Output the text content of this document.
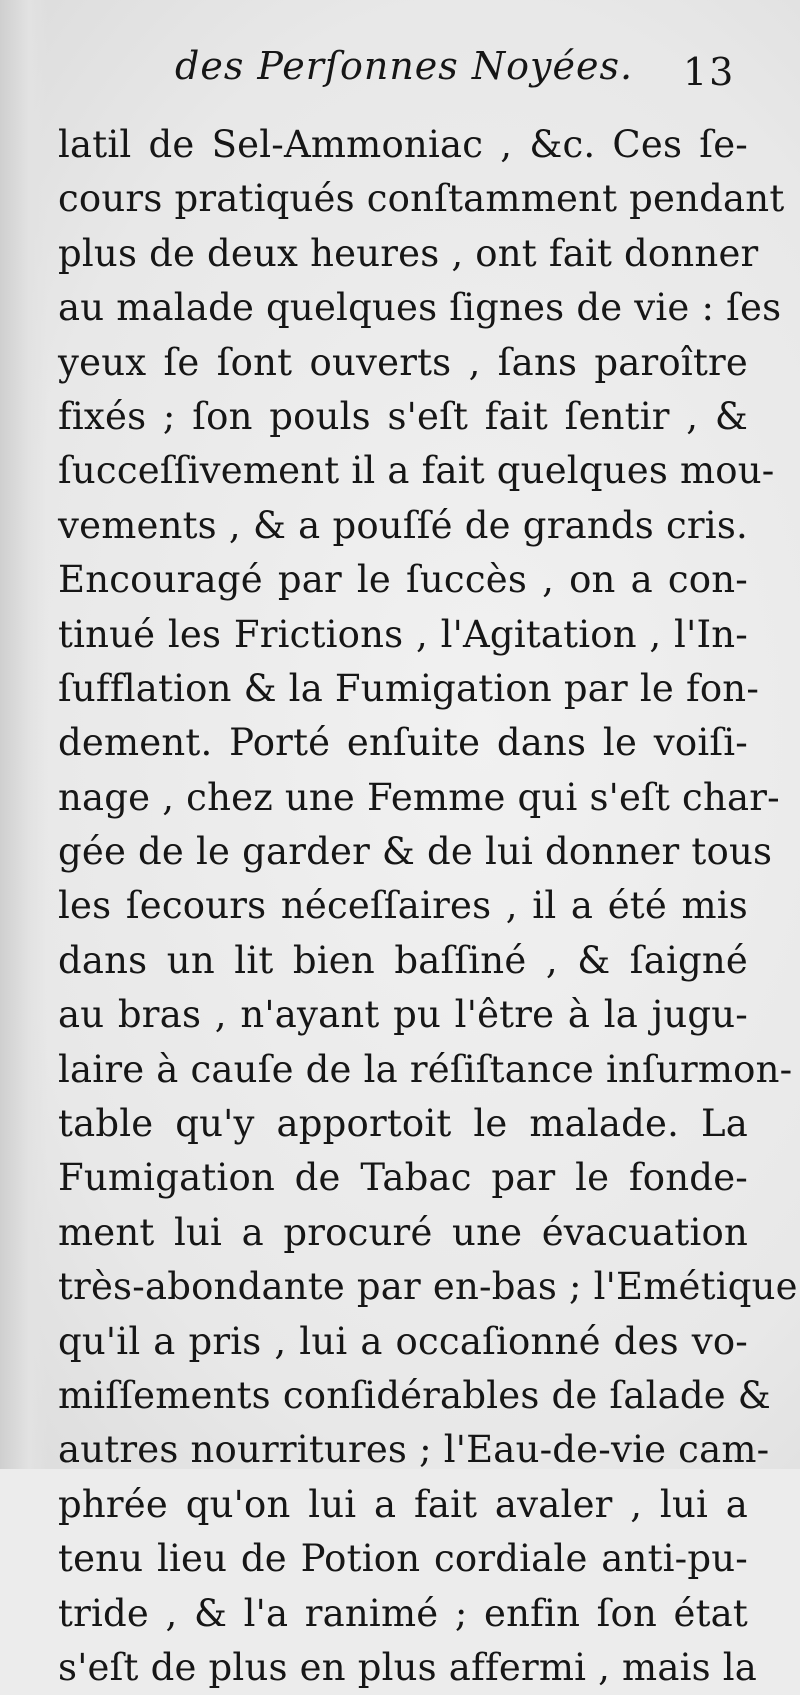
des Perſonnes Noyées. 13
latil de Sel-Ammoniac , &c. Ces ſe-
cours pratiqués conſtamment pendant
plus de deux heures , ont fait donner
au malade quelques ſignes de vie : ſes
yeux ſe ſont ouverts , ſans paroître
fixés ; ſon pouls s'eſt fait ſentir , &
ſucceſſivement il a fait quelques mou-
vements , & a pouſſé de grands cris.
Encouragé par le ſuccès , on a con-
tinué les Frictions , l'Agitation , l'In-
ſufflation & la Fumigation par le fon-
dement. Porté enſuite dans le voiſi-
nage , chez une Femme qui s'eſt char-
gée de le garder & de lui donner tous
les ſecours néceſſaires , il a été mis
dans un lit bien baſſiné , & ſaigné
au bras , n'ayant pu l'être à la jugu-
laire à cauſe de la réſiſtance inſurmon-
table qu'y apportoit le malade. La
Fumigation de Tabac par le fonde-
ment lui a procuré une évacuation
très-abondante par en-bas ; l'Emétique
qu'il a pris , lui a occaſionné des vo-
miſſements conſidérables de ſalade &
autres nourritures ; l'Eau-de-vie cam-
phrée qu'on lui a fait avaler , lui a
tenu lieu de Potion cordiale anti-pu-
tride , & l'a ranimé ; enfin ſon état
s'eſt de plus en plus affermi , mais la
